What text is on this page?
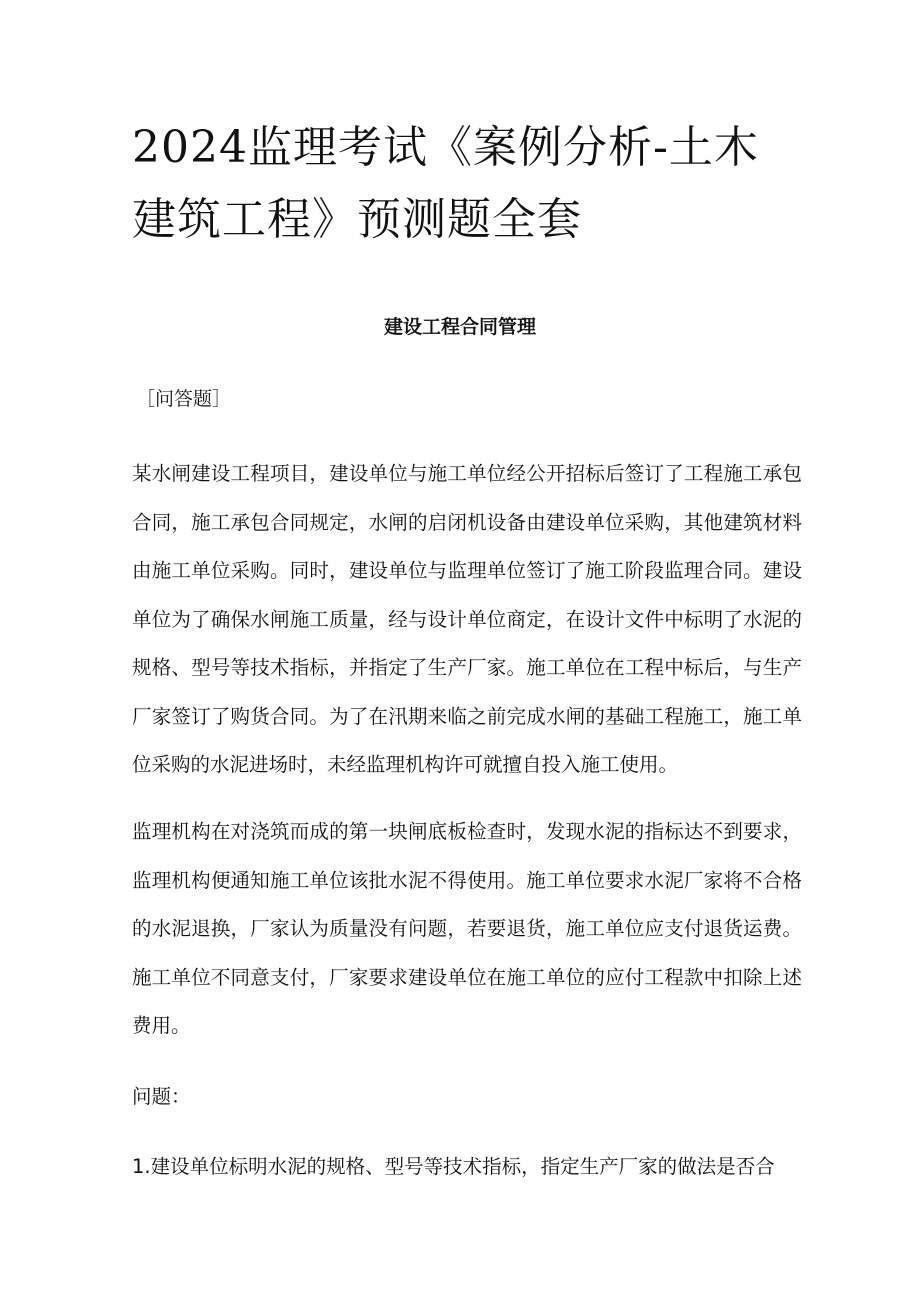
2024监理考试《案例分析-土木建筑工程》预测题全套
建设工程合同管理
［问答题］

某水闸建设工程项目，建设单位与施工单位经公开招标后签订了工程施工承包合同，施工承包合同规定，水闸的启闭机设备由建设单位采购，其他建筑材料由施工单位采购。同时，建设单位与监理单位签订了施工阶段监理合同。建设单位为了确保水闸施工质量，经与设计单位商定，在设计文件中标明了水泥的规格、型号等技术指标，并指定了生产厂家。施工单位在工程中标后，与生产厂家签订了购货合同。为了在汛期来临之前完成水闸的基础工程施工，施工单位采购的水泥进场时，未经监理机构许可就擅自投入施工使用。

监理机构在对浇筑而成的第一块闸底板检查时，发现水泥的指标达不到要求，监理机构便通知施工单位该批水泥不得使用。施工单位要求水泥厂家将不合格的水泥退换，厂家认为质量没有问题，若要退货，施工单位应支付退货运费。施工单位不同意支付，厂家要求建设单位在施工单位的应付工程款中扣除上述费用。

问题：
1.建设单位标明水泥的规格、型号等技术指标，指定生产厂家的做法是否合
